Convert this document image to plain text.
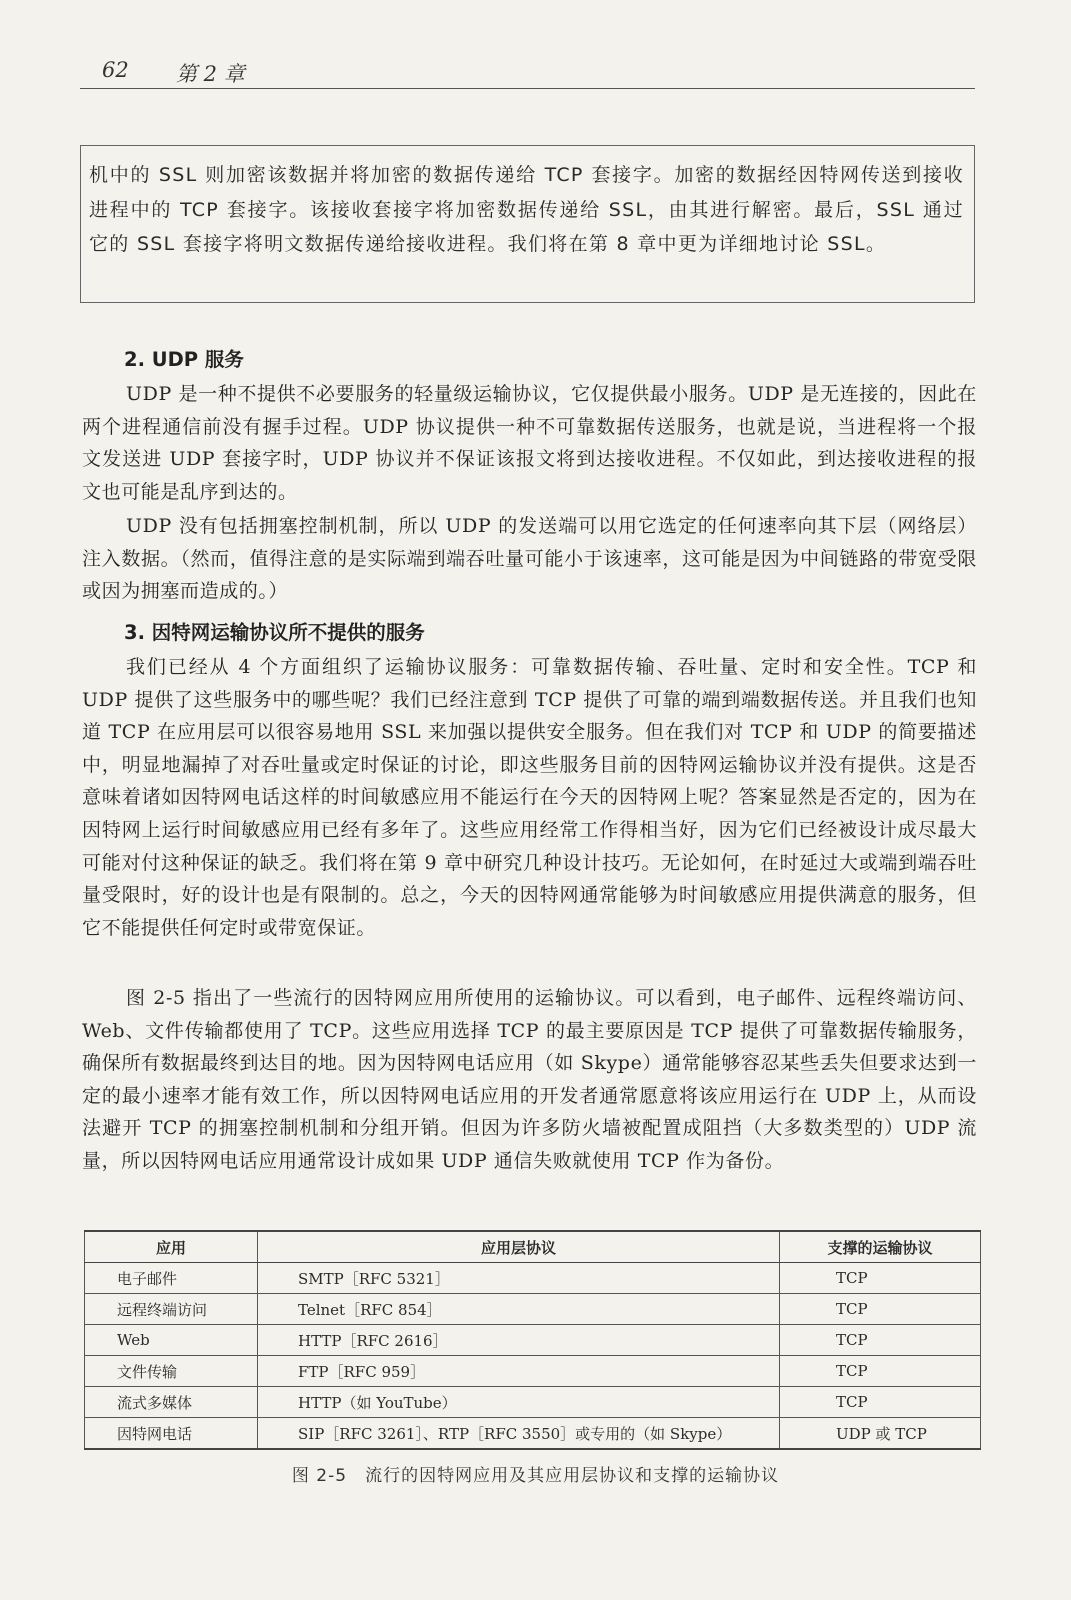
62 第 2 章

机中的 SSL 则加密该数据并将加密的数据传递给 TCP 套接字。加密的数据经因特网传送到接收进程中的 TCP 套接字。该接收套接字将加密数据传递给 SSL，由其进行解密。最后，SSL 通过它的 SSL 套接字将明文数据传递给接收进程。我们将在第 8 章中更为详细地讨论 SSL。

2. UDP 服务

UDP 是一种不提供不必要服务的轻量级运输协议，它仅提供最小服务。UDP 是无连接的，因此在两个进程通信前没有握手过程。UDP 协议提供一种不可靠数据传送服务，也就是说，当进程将一个报文发送进 UDP 套接字时，UDP 协议并不保证该报文将到达接收进程。不仅如此，到达接收进程的报文也可能是乱序到达的。

UDP 没有包括拥塞控制机制，所以 UDP 的发送端可以用它选定的任何速率向其下层（网络层）注入数据。（然而，值得注意的是实际端到端吞吐量可能小于该速率，这可能是因为中间链路的带宽受限或因为拥塞而造成的。）

3. 因特网运输协议所不提供的服务

我们已经从 4 个方面组织了运输协议服务：可靠数据传输、吞吐量、定时和安全性。TCP 和 UDP 提供了这些服务中的哪些呢？我们已经注意到 TCP 提供了可靠的端到端数据传送。并且我们也知道 TCP 在应用层可以很容易地用 SSL 来加强以提供安全服务。但在我们对 TCP 和 UDP 的简要描述中，明显地漏掉了对吞吐量或定时保证的讨论，即这些服务目前的因特网运输协议并没有提供。这是否意味着诸如因特网电话这样的时间敏感应用不能运行在今天的因特网上呢？答案显然是否定的，因为在因特网上运行时间敏感应用已经有多年了。这些应用经常工作得相当好，因为它们已经被设计成尽最大可能对付这种保证的缺乏。我们将在第 9 章中研究几种设计技巧。无论如何，在时延过大或端到端吞吐量受限时，好的设计也是有限制的。总之，今天的因特网通常能够为时间敏感应用提供满意的服务，但它不能提供任何定时或带宽保证。

图 2-5 指出了一些流行的因特网应用所使用的运输协议。可以看到，电子邮件、远程终端访问、Web、文件传输都使用了 TCP。这些应用选择 TCP 的最主要原因是 TCP 提供了可靠数据传输服务，确保所有数据最终到达目的地。因为因特网电话应用（如 Skype）通常能够容忍某些丢失但要求达到一定的最小速率才能有效工作，所以因特网电话应用的开发者通常愿意将该应用运行在 UDP 上，从而设法避开 TCP 的拥塞控制机制和分组开销。但因为许多防火墙被配置成阻挡（大多数类型的）UDP 流量，所以因特网电话应用通常设计成如果 UDP 通信失败就使用 TCP 作为备份。

应用	应用层协议	支撑的运输协议
电子邮件	SMTP［RFC 5321］	TCP
远程终端访问	Telnet［RFC 854］	TCP
Web	HTTP［RFC 2616］	TCP
文件传输	FTP［RFC 959］	TCP
流式多媒体	HTTP（如 YouTube）	TCP
因特网电话	SIP［RFC 3261］、RTP［RFC 3550］或专用的（如 Skype）	UDP 或 TCP

图 2-5　流行的因特网应用及其应用层协议和支撑的运输协议
